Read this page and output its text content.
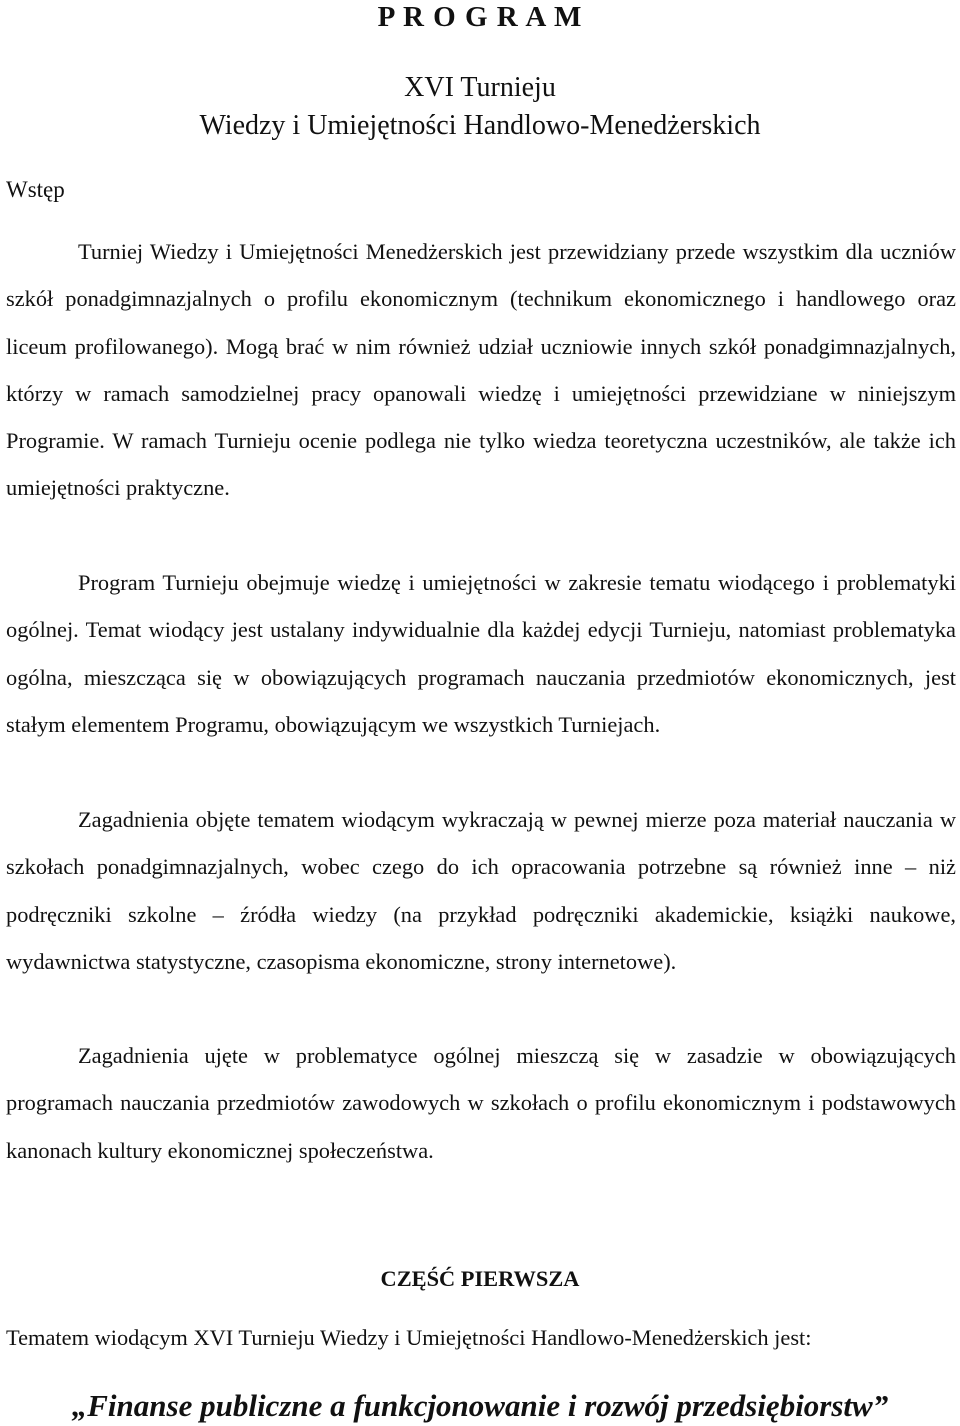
P R O G R A M
XVI Turnieju
Wiedzy i Umiejętności Handlowo-Menedżerskich
Wstęp

Turniej Wiedzy i Umiejętności Menedżerskich jest przewidziany przede wszystkim dla uczniów szkół ponadgimnazjalnych o profilu ekonomicznym (technikum ekonomicznego i handlowego oraz liceum profilowanego). Mogą brać w nim również udział uczniowie innych szkół ponadgimnazjalnych, którzy w ramach samodzielnej pracy opanowali wiedzę i umiejętności przewidziane w niniejszym Programie. W ramach Turnieju ocenie podlega nie tylko wiedza teoretyczna uczestników, ale także ich umiejętności praktyczne.

Program Turnieju obejmuje wiedzę i umiejętności w zakresie tematu wiodącego i problematyki ogólnej. Temat wiodący jest ustalany indywidualnie dla każdej edycji Turnieju, natomiast problematyka ogólna, mieszcząca się w obowiązujących programach nauczania przedmiotów ekonomicznych, jest stałym elementem Programu, obowiązującym we wszystkich Turniejach.

Zagadnienia objęte tematem wiodącym wykraczają w pewnej mierze poza materiał nauczania w szkołach ponadgimnazjalnych, wobec czego do ich opracowania potrzebne są również inne – niż podręczniki szkolne – źródła wiedzy (na przykład podręczniki akademickie, książki naukowe, wydawnictwa statystyczne, czasopisma ekonomiczne, strony internetowe).

Zagadnienia ujęte w problematyce ogólnej mieszczą się w zasadzie w obowiązujących programach nauczania przedmiotów zawodowych w szkołach o profilu ekonomicznym i podstawowych kanonach kultury ekonomicznej społeczeństwa.

CZĘŚĆ PIERWSZA

Tematem wiodącym XVI Turnieju Wiedzy i Umiejętności Handlowo-Menedżerskich jest:

„Finanse publiczne a funkcjonowanie i rozwój przedsiębiorstw”
